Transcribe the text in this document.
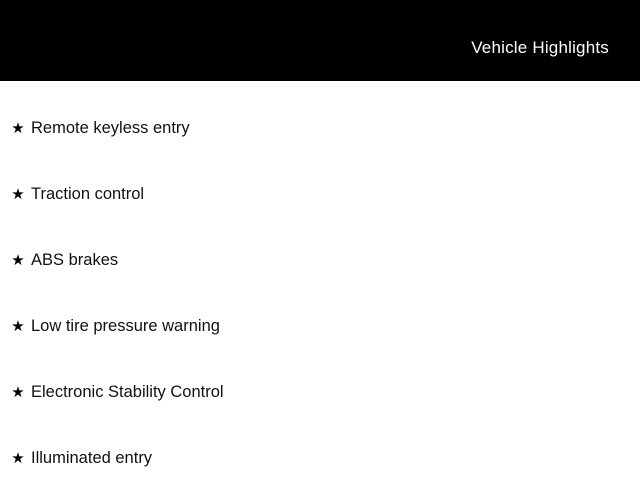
Vehicle Highlights
★ Remote keyless entry
★ Traction control
★ ABS brakes
★ Low tire pressure warning
★ Electronic Stability Control
★ Illuminated entry
